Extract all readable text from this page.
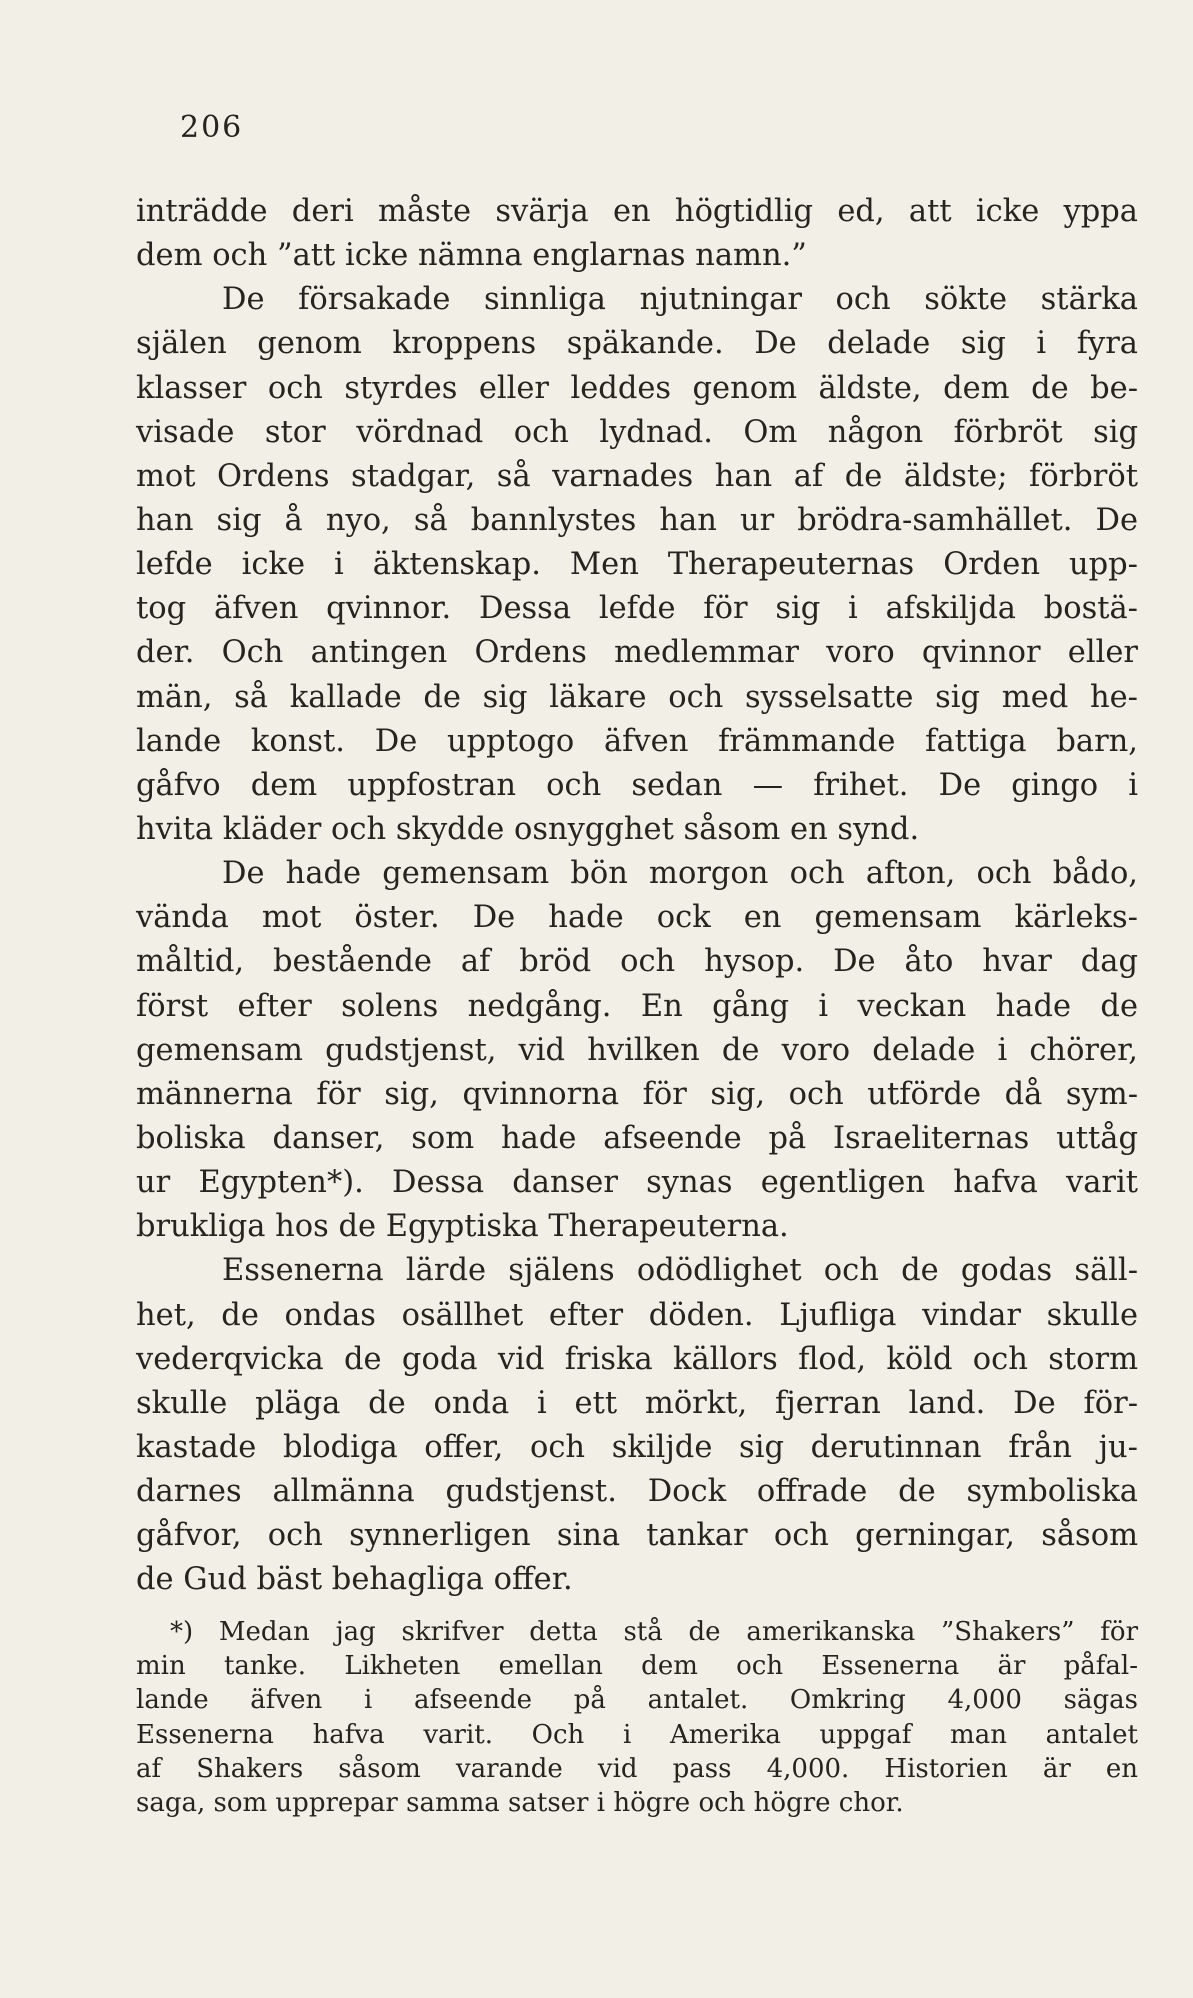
206
inträdde deri måste svärja en högtidlig ed, att icke yppa
dem och ”att icke nämna englarnas namn.”
De försakade sinnliga njutningar och sökte stärka
själen genom kroppens späkande. De delade sig i fyra
klasser och styrdes eller leddes genom äldste, dem de be-
visade stor vördnad och lydnad. Om någon förbröt sig
mot Ordens stadgar, så varnades han af de äldste; förbröt
han sig å nyo, så bannlystes han ur brödra-samhället. De
lefde icke i äktenskap. Men Therapeuternas Orden upp-
tog äfven qvinnor. Dessa lefde för sig i afskiljda bostä-
der. Och antingen Ordens medlemmar voro qvinnor eller
män, så kallade de sig läkare och sysselsatte sig med he-
lande konst. De upptogo äfven främmande fattiga barn,
gåfvo dem uppfostran och sedan — frihet. De gingo i
hvita kläder och skydde osnygghet såsom en synd.
De hade gemensam bön morgon och afton, och bådo,
vända mot öster. De hade ock en gemensam kärleks-
måltid, bestående af bröd och hysop. De åto hvar dag
först efter solens nedgång. En gång i veckan hade de
gemensam gudstjenst, vid hvilken de voro delade i chörer,
männerna för sig, qvinnorna för sig, och utförde då sym-
boliska danser, som hade afseende på Israeliternas uttåg
ur Egypten*). Dessa danser synas egentligen hafva varit
brukliga hos de Egyptiska Therapeuterna.
Essenerna lärde själens odödlighet och de godas säll-
het, de ondas osällhet efter döden. Ljufliga vindar skulle
vederqvicka de goda vid friska källors flod, köld och storm
skulle pläga de onda i ett mörkt, fjerran land. De för-
kastade blodiga offer, och skiljde sig derutinnan från ju-
darnes allmänna gudstjenst. Dock offrade de symboliska
gåfvor, och synnerligen sina tankar och gerningar, såsom
de Gud bäst behagliga offer.
*) Medan jag skrifver detta stå de amerikanska ”Shakers” för
min tanke. Likheten emellan dem och Essenerna är påfal-
lande äfven i afseende på antalet. Omkring 4,000 sägas
Essenerna hafva varit. Och i Amerika uppgaf man antalet
af Shakers såsom varande vid pass 4,000. Historien är en
saga, som upprepar samma satser i högre och högre chor.
